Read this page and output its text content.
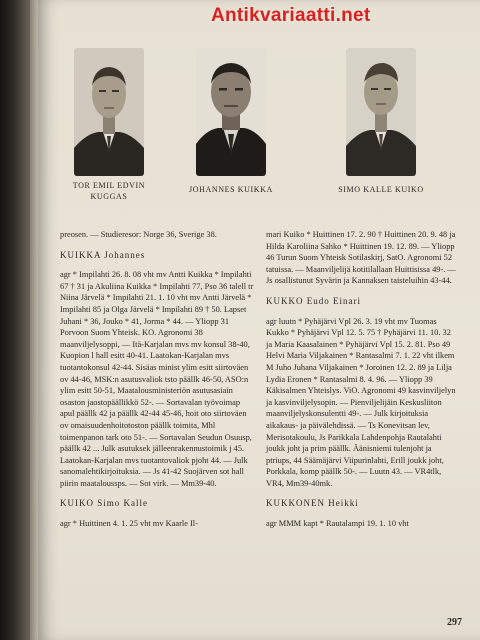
Antikvariaatti.net
TOR EMIL EDVIN
KUGGAS
JOHANNES KUIKKA	SIMO KALLE KUIKO

preosen. — Studieresor: Norge 36, Sverige 38.

KUIKKA Johannes

agr * Impilahti 26. 8. 08 vht mv Antti Kuikka * Impilahti 67 † 31 ja Akuliina Kuikka * Impilahti 77, Pso 36 talell tr Niina Järvelä * Impilahti 21. 1. 10 vht mv Antti Järvelä * Impilahti 85 ja Olga Järvelä * Impilahti 89 † 50. Lapset Juhani * 36, Jouko * 41, Jorma * 44. — Yliopp 31 Porvoon Suom Yhteisk. KO. Agronomi 38 maanviljelysoppi, — Itä-Karjalan mvs mv konsul 38-40, Kuopion l hall esitt 40-41. Laatokan-Karjalan mvs tuotantokonsul 42-44. Sisäas minist ylim esitt siirtoväen ov 44-46, MSK:n asutusvaliok tsto päällk 46-50, ASO:n ylim esitt 50-51, Maatalousministeriön asutusasiain osaston jaostopäällikkö 52-. — Sortavalan työvoimap apul päällk 42 ja päällk 42-44 45-46, hoit oto siirtoväen ov omaisuudenhoitotoston päällk toimita, Mhl toimenpanon tark oto 51-. — Sortavalan Seudun Osuusp, päällk 42 ... Julk asutuksek jälleenrakennustoimik j 45. Laatokan-Karjalan mvs tuotantovaliok pjoht 44. — Julk sanomalehtikirjoituksia. — Js 41-42 Suojärven sot hall piirin maataloussps. — Sot virk. — Mm39-40.

KUIKO Simo Kalle

agr * Huittinen 4. 1. 25 vht mv Kaarle Il-

mari Kuiko * Huittinen 17. 2. 90 † Huittinen 20. 9. 48 ja Hilda Karoliina Sahko * Huittinen 19. 12. 89. — Yliopp 46 Turun Suom Yhteisk Sotilaskirj, SatO. Agronomi 52 tatuissa. — Maanviljelijä kotitilallaan Huittisissa 49-. — Js osallistunut Syvärin ja Kannaksen taisteluihin 43-44.

KUKKO Eudo Einari

agr luutn * Pyhäjärvi Vpl 26. 3. 19 vht mv Tuomas Kukko * Pyhäjärvi Vpl 12. 5. 75 † Pyhäjärvi 11. 10. 32 ja Maria Kaasalainen * Pyhäjärvi Vpl 15. 2. 81. Pso 49 Helvi Maria Viljakainen * Rantasalmi 7. 1. 22 vht ilkem M Juho Juhana Viljakainen * Joroinen 12. 2. 89 ja Lilja Lydia Eronen * Rantasalmi 8. 4. 96. — Yliopp 39 Käkisalmen Yhteislys. ViO. Agronomi 49 kasvinviljelyn ja kasvinviljelysopin. — Pienviljelijäin Keskusliiton maanviljelyskonsulentti 49-. — Julk kirjoituksia aikakaus- ja päivälehdissä. — Ts Konevitsan lev, Merisotakoulu, Js Parikkala Lahdenpohja Rautalahti joukk joht ja prim päällk. Äänisniemi tulenjoht ja ptriups, 44 Säämäjärvi Viipurinlahti, Erill joukk joht, Porkkala, komp päällk 50-. — Luutn 43. — VR4tlk, VR4, Mm39-40mk.

KUKKONEN Heikki

agr MMM kapt * Rautalampi 19. 1. 10 vht

297
